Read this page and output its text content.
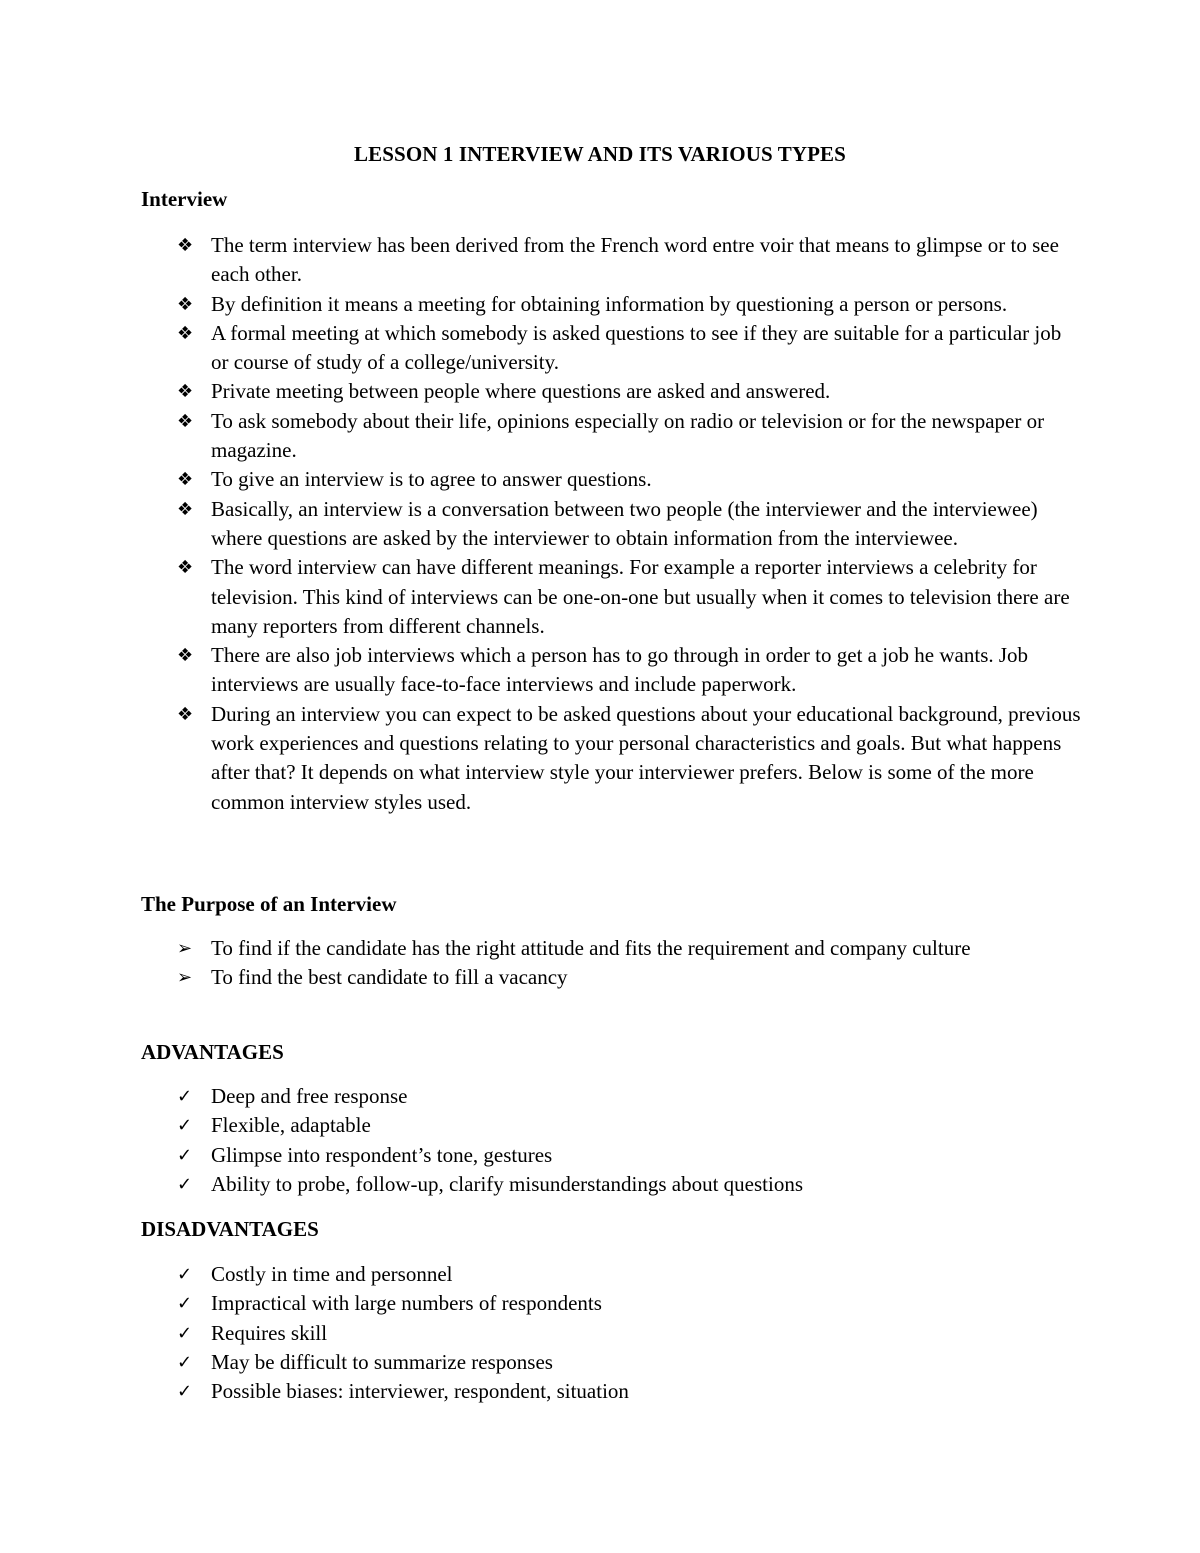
LESSON 1 INTERVIEW AND ITS VARIOUS TYPES
Interview
❖ The term interview has been derived from the French word entre voir that means to glimpse or to see each other.
❖ By definition it means a meeting for obtaining information by questioning a person or persons.
❖ A formal meeting at which somebody is asked questions to see if they are suitable for a particular job or course of study of a college/university.
❖ Private meeting between people where questions are asked and answered.
❖ To ask somebody about their life, opinions especially on radio or television or for the newspaper or magazine.
❖ To give an interview is to agree to answer questions.
❖ Basically, an interview is a conversation between two people (the interviewer and the interviewee) where questions are asked by the interviewer to obtain information from the interviewee.
❖ The word interview can have different meanings. For example a reporter interviews a celebrity for television. This kind of interviews can be one-on-one but usually when it comes to television there are many reporters from different channels.
❖ There are also job interviews which a person has to go through in order to get a job he wants. Job interviews are usually face-to-face interviews and include paperwork.
❖ During an interview you can expect to be asked questions about your educational background, previous work experiences and questions relating to your personal characteristics and goals. But what happens after that? It depends on what interview style your interviewer prefers. Below is some of the more common interview styles used.
The Purpose of an Interview
➢ To find if the candidate has the right attitude and fits the requirement and company culture
➢ To find the best candidate to fill a vacancy
ADVANTAGES
✓ Deep and free response
✓ Flexible, adaptable
✓ Glimpse into respondent’s tone, gestures
✓ Ability to probe, follow-up, clarify misunderstandings about questions
DISADVANTAGES
✓ Costly in time and personnel
✓ Impractical with large numbers of respondents
✓ Requires skill
✓ May be difficult to summarize responses
✓ Possible biases: interviewer, respondent, situation
